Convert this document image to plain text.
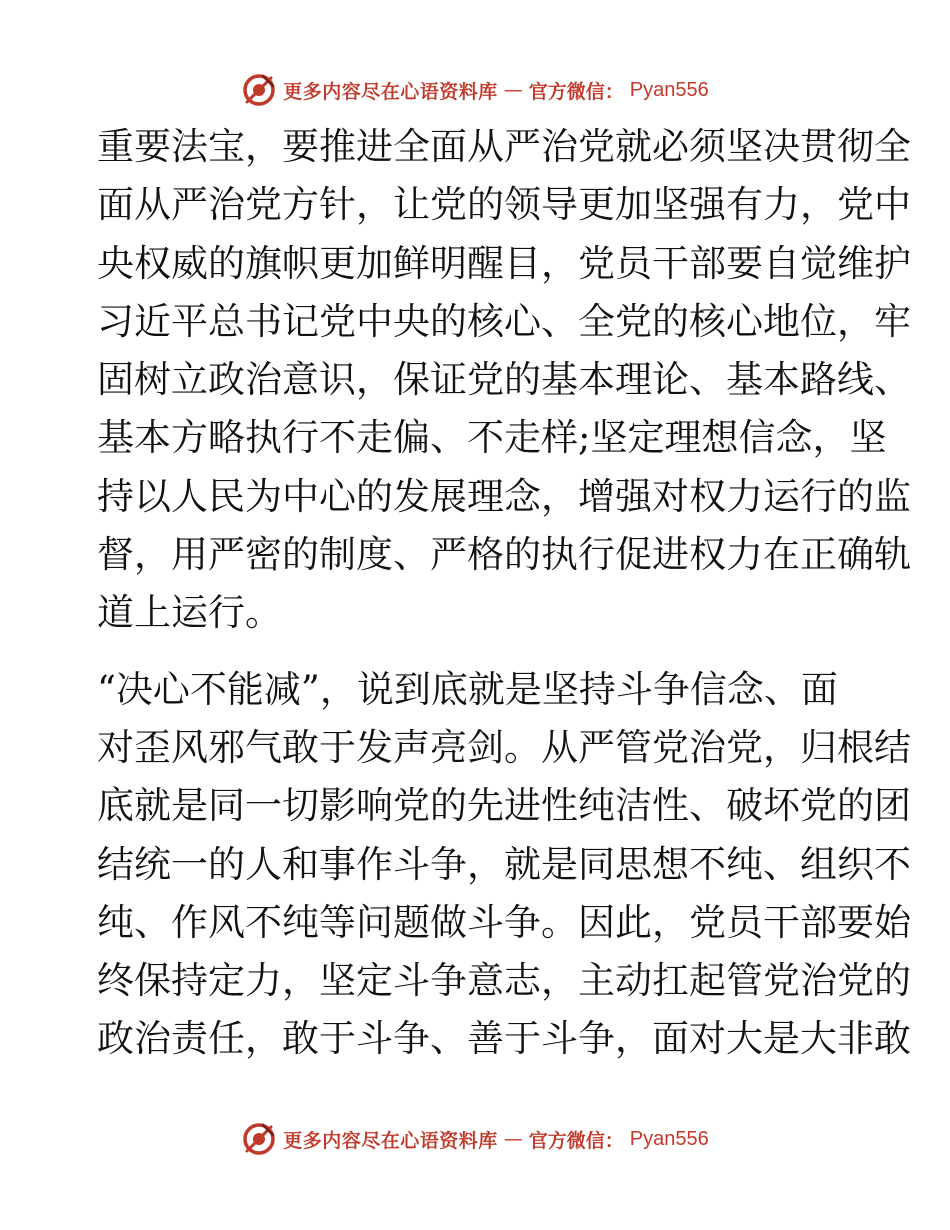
更多内容尽在心语资料库 — 官方微信： Pyan556
重要法宝，要推进全面从严治党就必须坚决贯彻全
面从严治党方针，让党的领导更加坚强有力，党中
央权威的旗帜更加鲜明醒目，党员干部要自觉维护
习近平总书记党中央的核心、全党的核心地位，牢
固树立政治意识，保证党的基本理论、基本路线、
基本方略执行不走偏、不走样;坚定理想信念，坚
持以人民为中心的发展理念，增强对权力运行的监
督，用严密的制度、严格的执行促进权力在正确轨
道上运行。
“决心不能减”，说到底就是坚持斗争信念、面
对歪风邪气敢于发声亮剑。从严管党治党，归根结
底就是同一切影响党的先进性纯洁性、破坏党的团
结统一的人和事作斗争，就是同思想不纯、组织不
纯、作风不纯等问题做斗争。因此，党员干部要始
终保持定力，坚定斗争意志，主动扛起管党治党的
政治责任，敢于斗争、善于斗争，面对大是大非敢
更多内容尽在心语资料库 — 官方微信： Pyan556
